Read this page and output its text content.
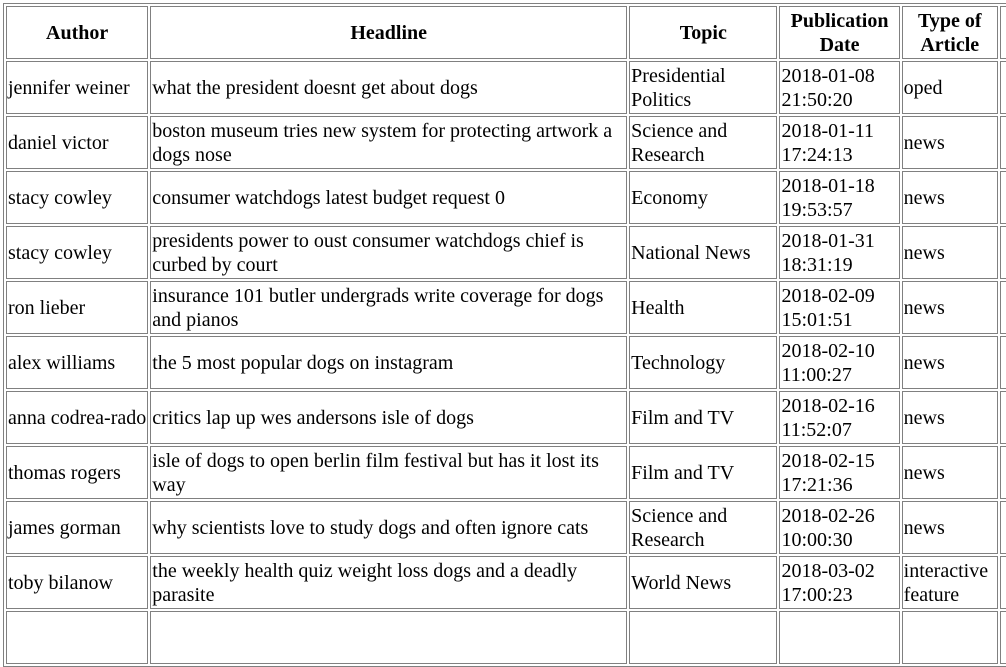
Author	Headline	Topic	Publication Date	Type of Article	
jennifer weiner	what the president doesnt get about dogs	Presidential Politics	2018-01-08 21:50:20	oped	
daniel victor	boston museum tries new system for protecting artwork a dogs nose	Science and Research	2018-01-11 17:24:13	news	
stacy cowley	consumer watchdogs latest budget request 0	Economy	2018-01-18 19:53:57	news	
stacy cowley	presidents power to oust consumer watchdogs chief is curbed by court	National News	2018-01-31 18:31:19	news	
ron lieber	insurance 101 butler undergrads write coverage for dogs and pianos	Health	2018-02-09 15:01:51	news	
alex williams	the 5 most popular dogs on instagram	Technology	2018-02-10 11:00:27	news	
anna codrea-rado	critics lap up wes andersons isle of dogs	Film and TV	2018-02-16 11:52:07	news	
thomas rogers	isle of dogs to open berlin film festival but has it lost its way	Film and TV	2018-02-15 17:21:36	news	
james gorman	why scientists love to study dogs and often ignore cats	Science and Research	2018-02-26 10:00:30	news	
toby bilanow	the weekly health quiz weight loss dogs and a deadly parasite	World News	2018-03-02 17:00:23	interactive feature	
